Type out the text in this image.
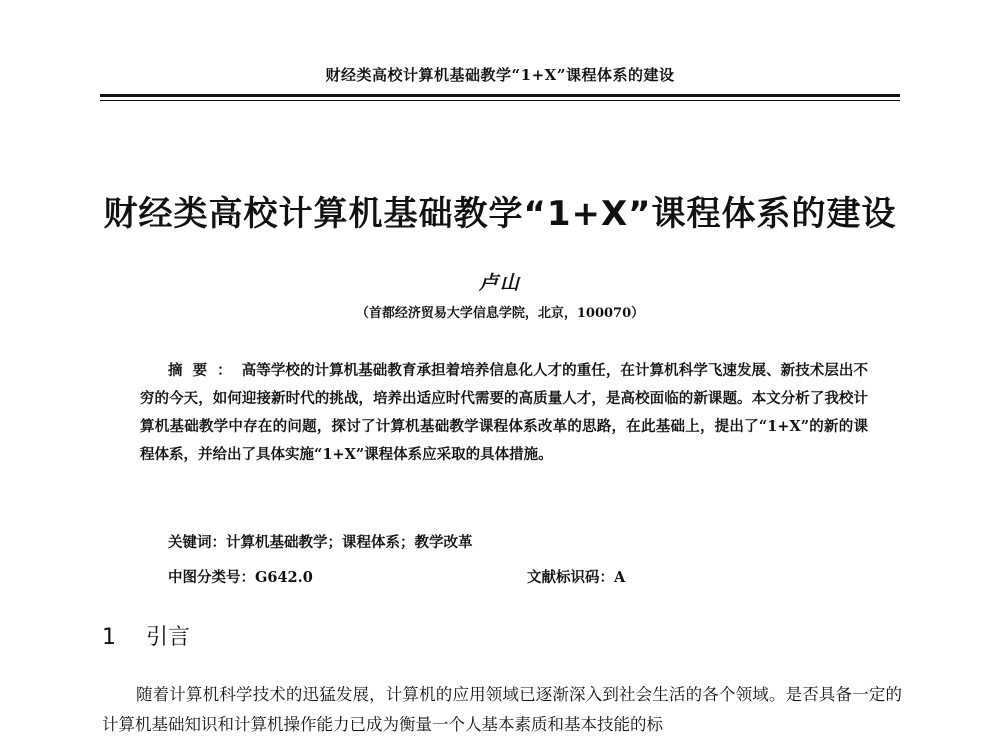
财经类高校计算机基础教学“1+X”课程体系的建设
财经类高校计算机基础教学“1+X”课程体系的建设
卢山
（首都经济贸易大学信息学院，北京，100070）

摘要：高等学校的计算机基础教育承担着培养信息化人才的重任，在计算机科学飞速发展、新技术层出不穷的今天，如何迎接新时代的挑战，培养出适应时代需要的高质量人才，是高校面临的新课题。本文分析了我校计算机基础教学中存在的问题，探讨了计算机基础教学课程体系改革的思路，在此基础上，提出了“1+X”的新的课程体系，并给出了具体实施“1+X”课程体系应采取的具体措施。

关键词：计算机基础教学；课程体系；教学改革
中图分类号：G642.0	文献标识码：A
1 引言

随着计算机科学技术的迅猛发展，计算机的应用领域已逐渐深入到社会生活的各个领域。是否具备一定的计算机基础知识和计算机操作能力已成为衡量一个人基本素质和基本技能的标
